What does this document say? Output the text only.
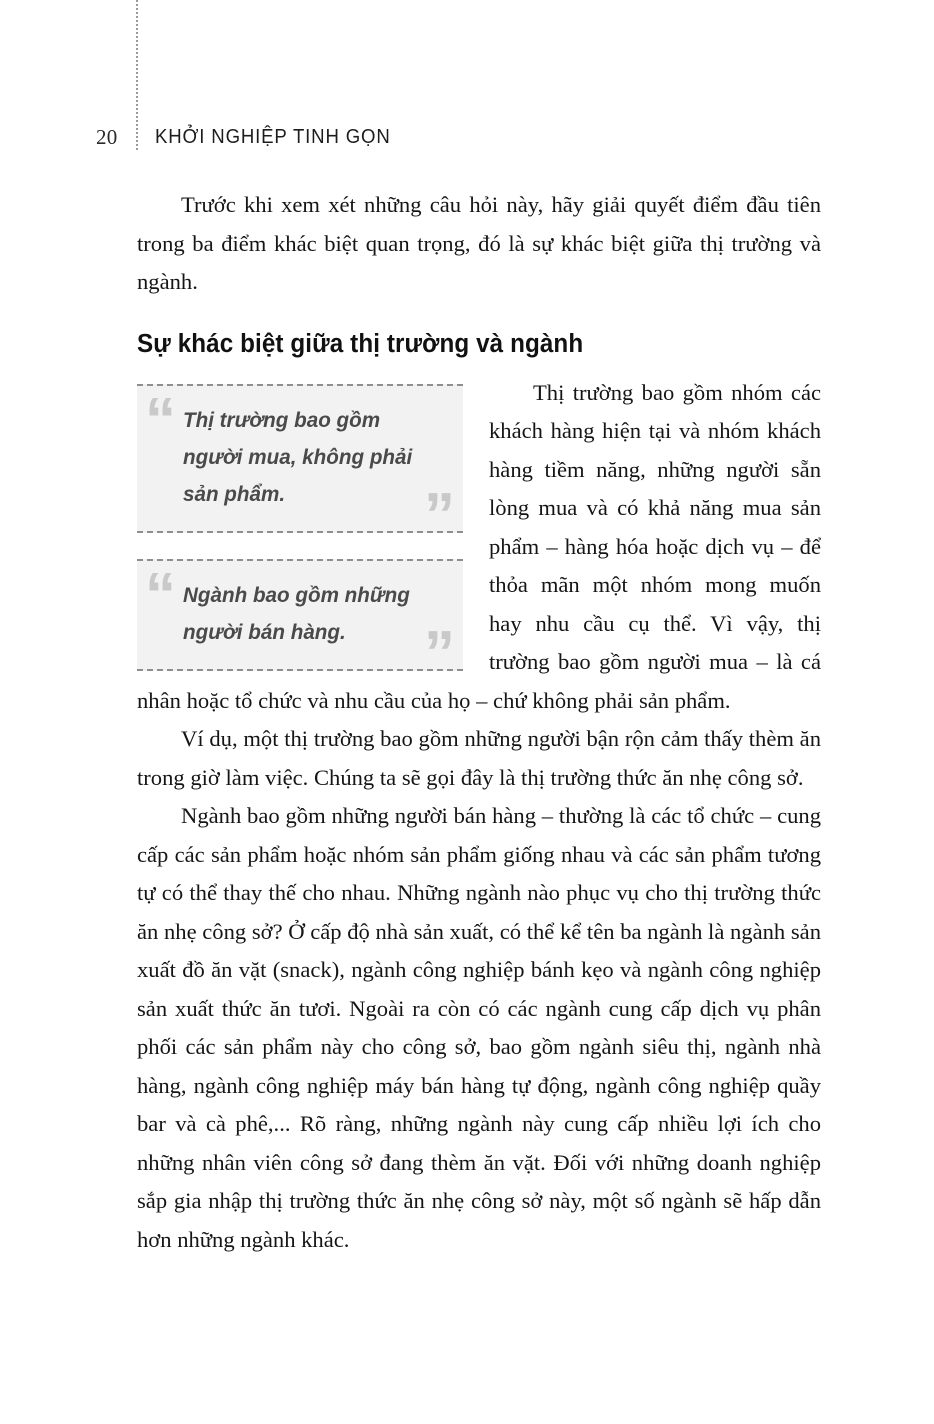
20	KHỞI NGHIỆP TINH GỌN

Trước khi xem xét những câu hỏi này, hãy giải quyết điểm đầu tiên trong ba điểm khác biệt quan trọng, đó là sự khác biệt giữa thị trường và ngành.

Sự khác biệt giữa thị trường và ngành
“ Thị trường bao gồm người mua, không phải sản phẩm.	”
“ Ngành bao gồm những người bán hàng.	”

Thị trường bao gồm nhóm các khách hàng hiện tại và nhóm khách hàng tiềm năng, những người sẵn lòng mua và có khả năng mua sản phẩm – hàng hóa hoặc dịch vụ – để thỏa mãn một nhóm mong muốn hay nhu cầu cụ thể. Vì vậy, thị trường bao gồm người mua – là cá nhân hoặc tổ chức và nhu cầu của họ – chứ không phải sản phẩm.

Ví dụ, một thị trường bao gồm những người bận rộn cảm thấy thèm ăn trong giờ làm việc. Chúng ta sẽ gọi đây là thị trường thức ăn nhẹ công sở.

Ngành bao gồm những người bán hàng – thường là các tổ chức – cung cấp các sản phẩm hoặc nhóm sản phẩm giống nhau và các sản phẩm tương tự có thể thay thế cho nhau. Những ngành nào phục vụ cho thị trường thức ăn nhẹ công sở? Ở cấp độ nhà sản xuất, có thể kể tên ba ngành là ngành sản xuất đồ ăn vặt (snack), ngành công nghiệp bánh kẹo và ngành công nghiệp sản xuất thức ăn tươi. Ngoài ra còn có các ngành cung cấp dịch vụ phân phối các sản phẩm này cho công sở, bao gồm ngành siêu thị, ngành nhà hàng, ngành công nghiệp máy bán hàng tự động, ngành công nghiệp quầy bar và cà phê,... Rõ ràng, những ngành này cung cấp nhiều lợi ích cho những nhân viên công sở đang thèm ăn vặt. Đối với những doanh nghiệp sắp gia nhập thị trường thức ăn nhẹ công sở này, một số ngành sẽ hấp dẫn hơn những ngành khác.
